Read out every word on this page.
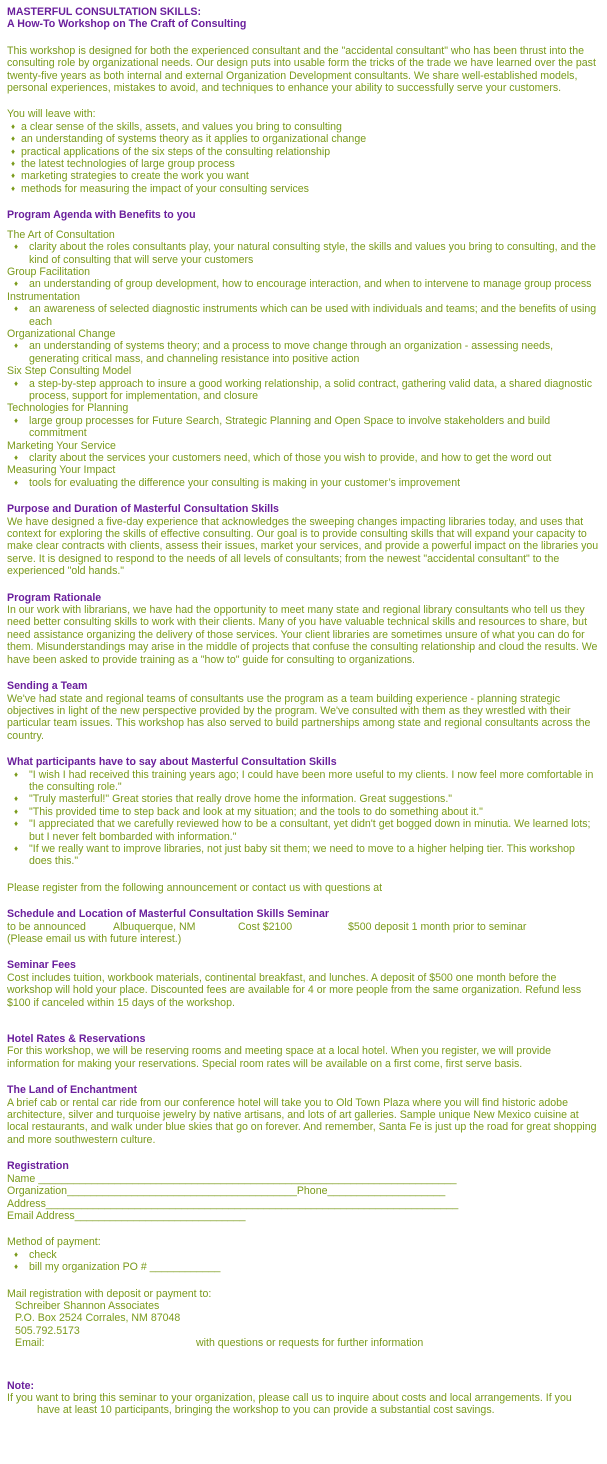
MASTERFUL CONSULTATION SKILLS:
A How-To Workshop on The Craft of Consulting

This workshop is designed for both the experienced consultant and the "accidental consultant" who has been thrust into the consulting role by organizational needs. Our design puts into usable form the tricks of the trade we have learned over the past twenty-five years as both internal and external Organization Development consultants. We share well-established models, personal experiences, mistakes to avoid, and techniques to enhance your ability to successfully serve your customers.

You will leave with:

♦ a clear sense of the skills, assets, and values you bring to consulting
♦ an understanding of systems theory as it applies to organizational change
♦ practical applications of the six steps of the consulting relationship
♦ the latest technologies of large group process
♦ marketing strategies to create the work you want
♦ methods for measuring the impact of your consulting services
Program Agenda with Benefits to you
The Art of Consultation
♦ clarity about the roles consultants play, your natural consulting style, the skills and values you bring to consulting, and the kind of consulting that will serve your customers
Group Facilitation
♦ an understanding of group development, how to encourage interaction, and when to intervene to manage group process
Instrumentation
♦ an awareness of selected diagnostic instruments which can be used with individuals and teams; and the benefits of using each
Organizational Change
♦ an understanding of systems theory; and a process to move change through an organization - assessing needs, generating critical mass, and channeling resistance into positive action
Six Step Consulting Model
♦ a step-by-step approach to insure a good working relationship, a solid contract, gathering valid data, a shared diagnostic process, support for implementation, and closure
Technologies for Planning
♦ large group processes for Future Search, Strategic Planning and Open Space to involve stakeholders and build commitment
Marketing Your Service
♦ clarity about the services your customers need, which of those you wish to provide, and how to get the word out
Measuring Your Impact
♦ tools for evaluating the difference your consulting is making in your customer’s improvement
Purpose and Duration of Masterful Consultation Skills

We have designed a five-day experience that acknowledges the sweeping changes impacting libraries today, and uses that context for exploring the skills of effective consulting. Our goal is to provide consulting skills that will expand your capacity to make clear contracts with clients, assess their issues, market your services, and provide a powerful impact on the libraries you serve. It is designed to respond to the needs of all levels of consultants; from the newest "accidental consultant" to the experienced "old hands."

Program Rationale

In our work with librarians, we have had the opportunity to meet many state and regional library consultants who tell us they need better consulting skills to work with their clients. Many of you have valuable technical skills and resources to share, but need assistance organizing the delivery of those services. Your client libraries are sometimes unsure of what you can do for them. Misunderstandings may arise in the middle of projects that confuse the consulting relationship and cloud the results. We have been asked to provide training as a "how to" guide for consulting to organizations.

Sending a Team

We've had state and regional teams of consultants use the program as a team building experience - planning strategic objectives in light of the new perspective provided by the program. We've consulted with them as they wrestled with their particular team issues. This workshop has also served to build partnerships among state and regional consultants across the country.

What participants have to say about Masterful Consultation Skills
♦ "I wish I had received this training years ago; I could have been more useful to my clients. I now feel more comfortable in the consulting role."
♦ "Truly masterful!" Great stories that really drove home the information. Great suggestions."
♦ "This provided time to step back and look at my situation; and the tools to do something about it."
♦ "I appreciated that we carefully reviewed how to be a consultant, yet didn't get bogged down in minutia. We learned lots; but I never felt bombarded with information."
♦ "If we really want to improve libraries, not just baby sit them; we need to move to a higher helping tier. This workshop does this."

Please register from the following announcement or contact us with questions at

Schedule and Location of Masterful Consultation Skills Seminar
to be announced	Albuquerque, NM	Cost $2100	$500 deposit 1 month prior to seminar
(Please email us with future interest.)
Seminar Fees

Cost includes tuition, workbook materials, continental breakfast, and lunches. A deposit of $500 one month before the workshop will hold your place. Discounted fees are available for 4 or more people from the same organization. Refund less $100 if canceled within 15 days of the workshop.

Hotel Rates & Reservations

For this workshop, we will be reserving rooms and meeting space at a local hotel. When you register, we will provide information for making your reservations. Special room rates will be available on a first come, first serve basis.

The Land of Enchantment

A brief cab or rental car ride from our conference hotel will take you to Old Town Plaza where you will find historic adobe architecture, silver and turquoise jewelry by native artisans, and lots of art galleries. Sample unique New Mexico cuisine at local restaurants, and walk under blue skies that go on forever. And remember, Santa Fe is just up the road for great shopping and more southwestern culture.

Registration
Name _______________________________________________________________________
Organization_______________________________________Phone____________________
Address______________________________________________________________________
Email Address_____________________________
Method of payment:
♦ check
♦ bill my organization PO # ____________
Mail registration with deposit or payment to:
Schreiber Shannon Associates
P.O. Box 2524 Corrales, NM 87048
505.792.5173
Email:	with questions or requests for further information
Note:
If you want to bring this seminar to your organization, please call us to inquire about costs and local arrangements. If you
have at least 10 participants, bringing the workshop to you can provide a substantial cost savings.
